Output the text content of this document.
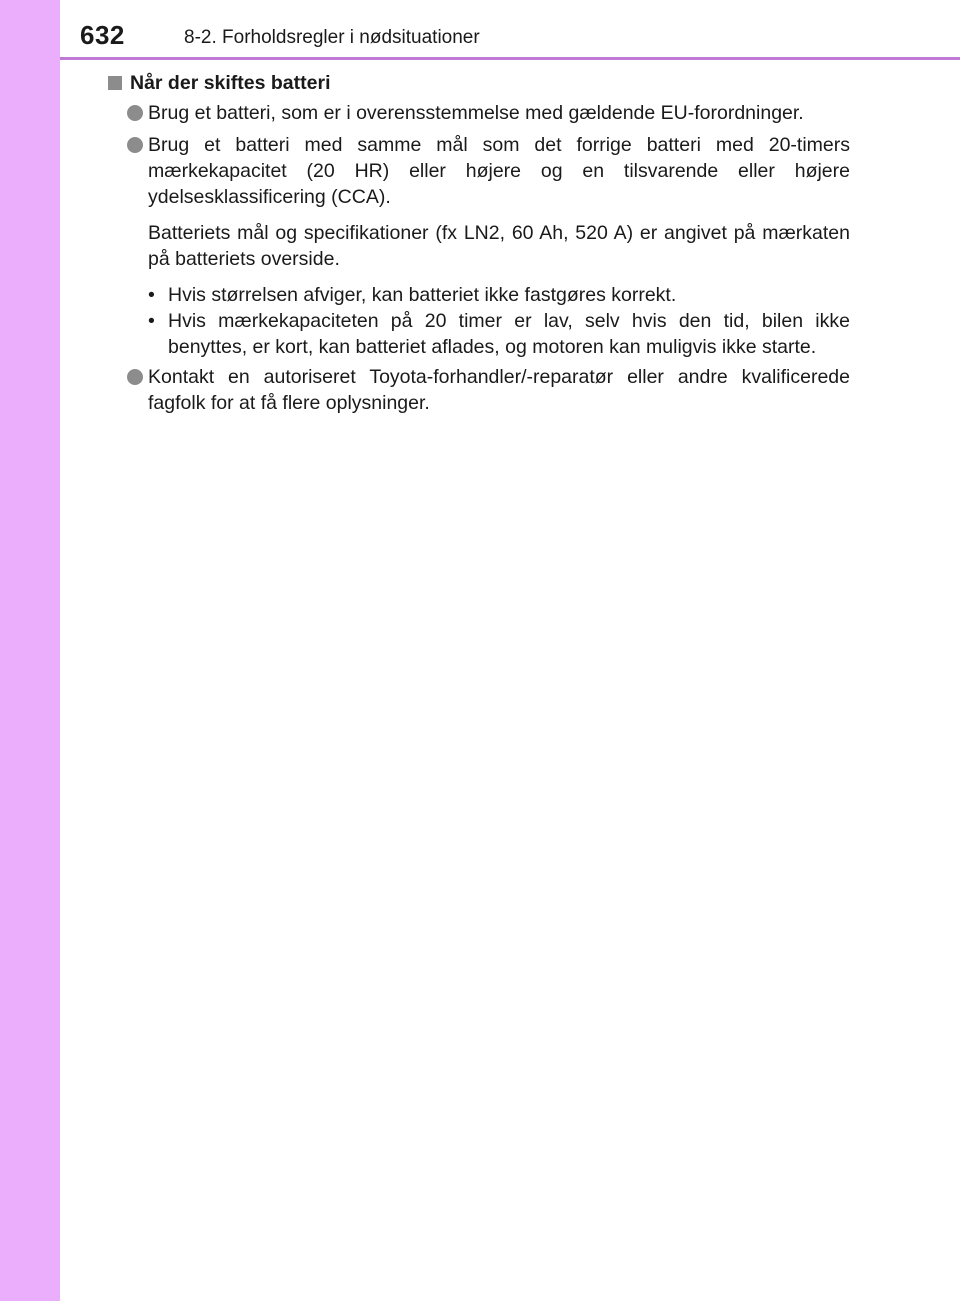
632	8-2. Forholdsregler i nødsituationer
Når der skiftes batteri
Brug et batteri, som er i overensstemmelse med gældende EU-forordninger.
Brug et batteri med samme mål som det forrige batteri med 20-timers mærkekapacitet (20 HR) eller højere og en tilsvarende eller højere ydelsesklassificering (CCA).
Batteriets mål og specifikationer (fx LN2, 60 Ah, 520 A) er angivet på mærkaten på batteriets overside.
• Hvis størrelsen afviger, kan batteriet ikke fastgøres korrekt.
• Hvis mærkekapaciteten på 20 timer er lav, selv hvis den tid, bilen ikke benyttes, er kort, kan batteriet aflades, og motoren kan muligvis ikke starte.
Kontakt en autoriseret Toyota-forhandler/-reparatør eller andre kvalificerede fagfolk for at få flere oplysninger.
